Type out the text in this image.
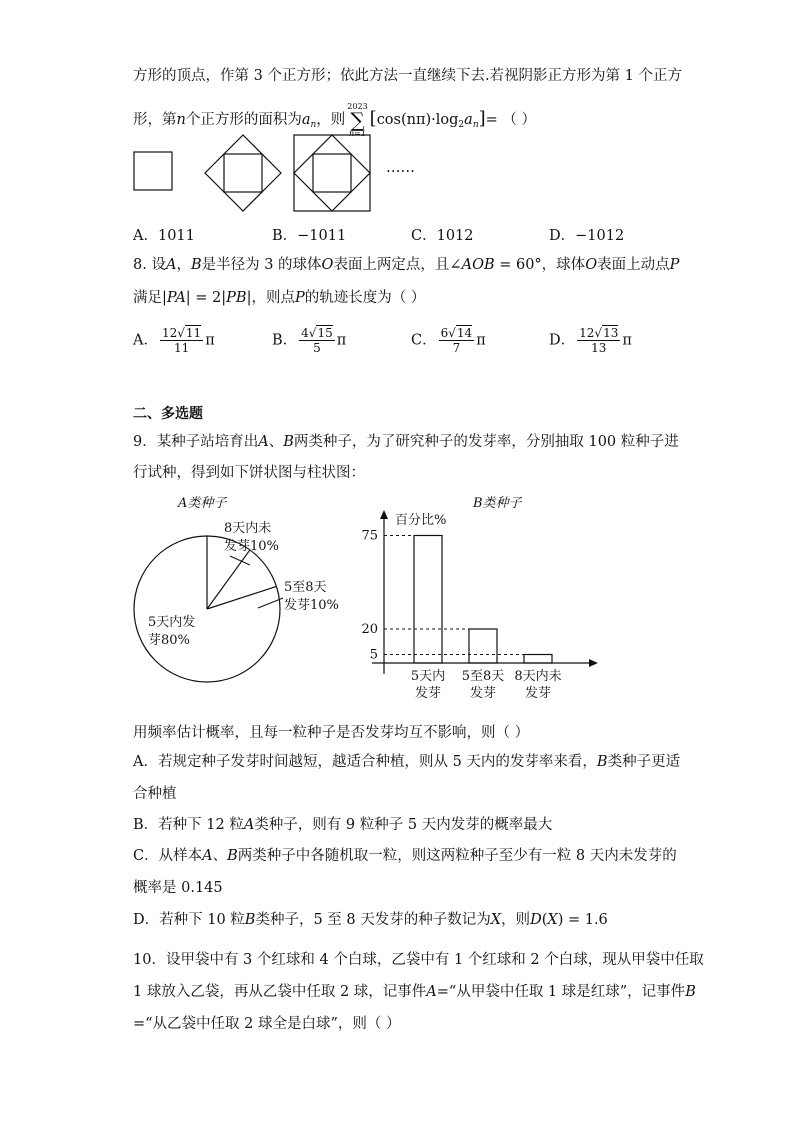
方形的顶点，作第 3 个正方形；依此方法一直继续下去.若视阴影正方形为第 1 个正方
形，第n个正方形的面积为$a_n$，则2023
∑
$n=1[\cos(n\pi)\cdot\log_2a_n]=$ （ ）
……
A．1011	B．−1011	C．1012	D．−1012
8. 设A，B是半径为 3 的球体O表面上两定点，且∠AOB = 60°，球体O表面上动点P
满足|PA| = 2|PB|，则点P的轨迹长度为（ ）
A． $\frac{12√11}{11}$ π	B． $\frac{4√15}{5}$ π	C． $\frac{6√14}{7}$ π	D． $\frac{12√13}{13}$ π
二、多选题
9．某种子站培育出A、B两类种子，为了研究种子的发芽率，分别抽取 100 粒种子进
行试种，得到如下饼状图与柱状图：
A类种子
8天内未
发芽10%
5至8天
发芽10%
5天内发
芽80%
B类种子
百分比%
75
5天内
发芽
20
5至8天
发芽
5
8天内未
发芽
用频率估计概率，且每一粒种子是否发芽均互不影响，则（ ）
A．若规定种子发芽时间越短，越适合种植，则从 5 天内的发芽率来看，B类种子更适
合种植
B．若种下 12 粒A类种子，则有 9 粒种子 5 天内发芽的概率最大
C．从样本A、B两类种子中各随机取一粒，则这两粒种子至少有一粒 8 天内未发芽的
概率是 0.145
D．若种下 10 粒B类种子，5 至 8 天发芽的种子数记为X，则D(X) = 1.6
10．设甲袋中有 3 个红球和 4 个白球，乙袋中有 1 个红球和 2 个白球，现从甲袋中任取
1 球放入乙袋，再从乙袋中任取 2 球，记事件A=“从甲袋中任取 1 球是红球”，记事件B
=“从乙袋中任取 2 球全是白球”，则（ ）
